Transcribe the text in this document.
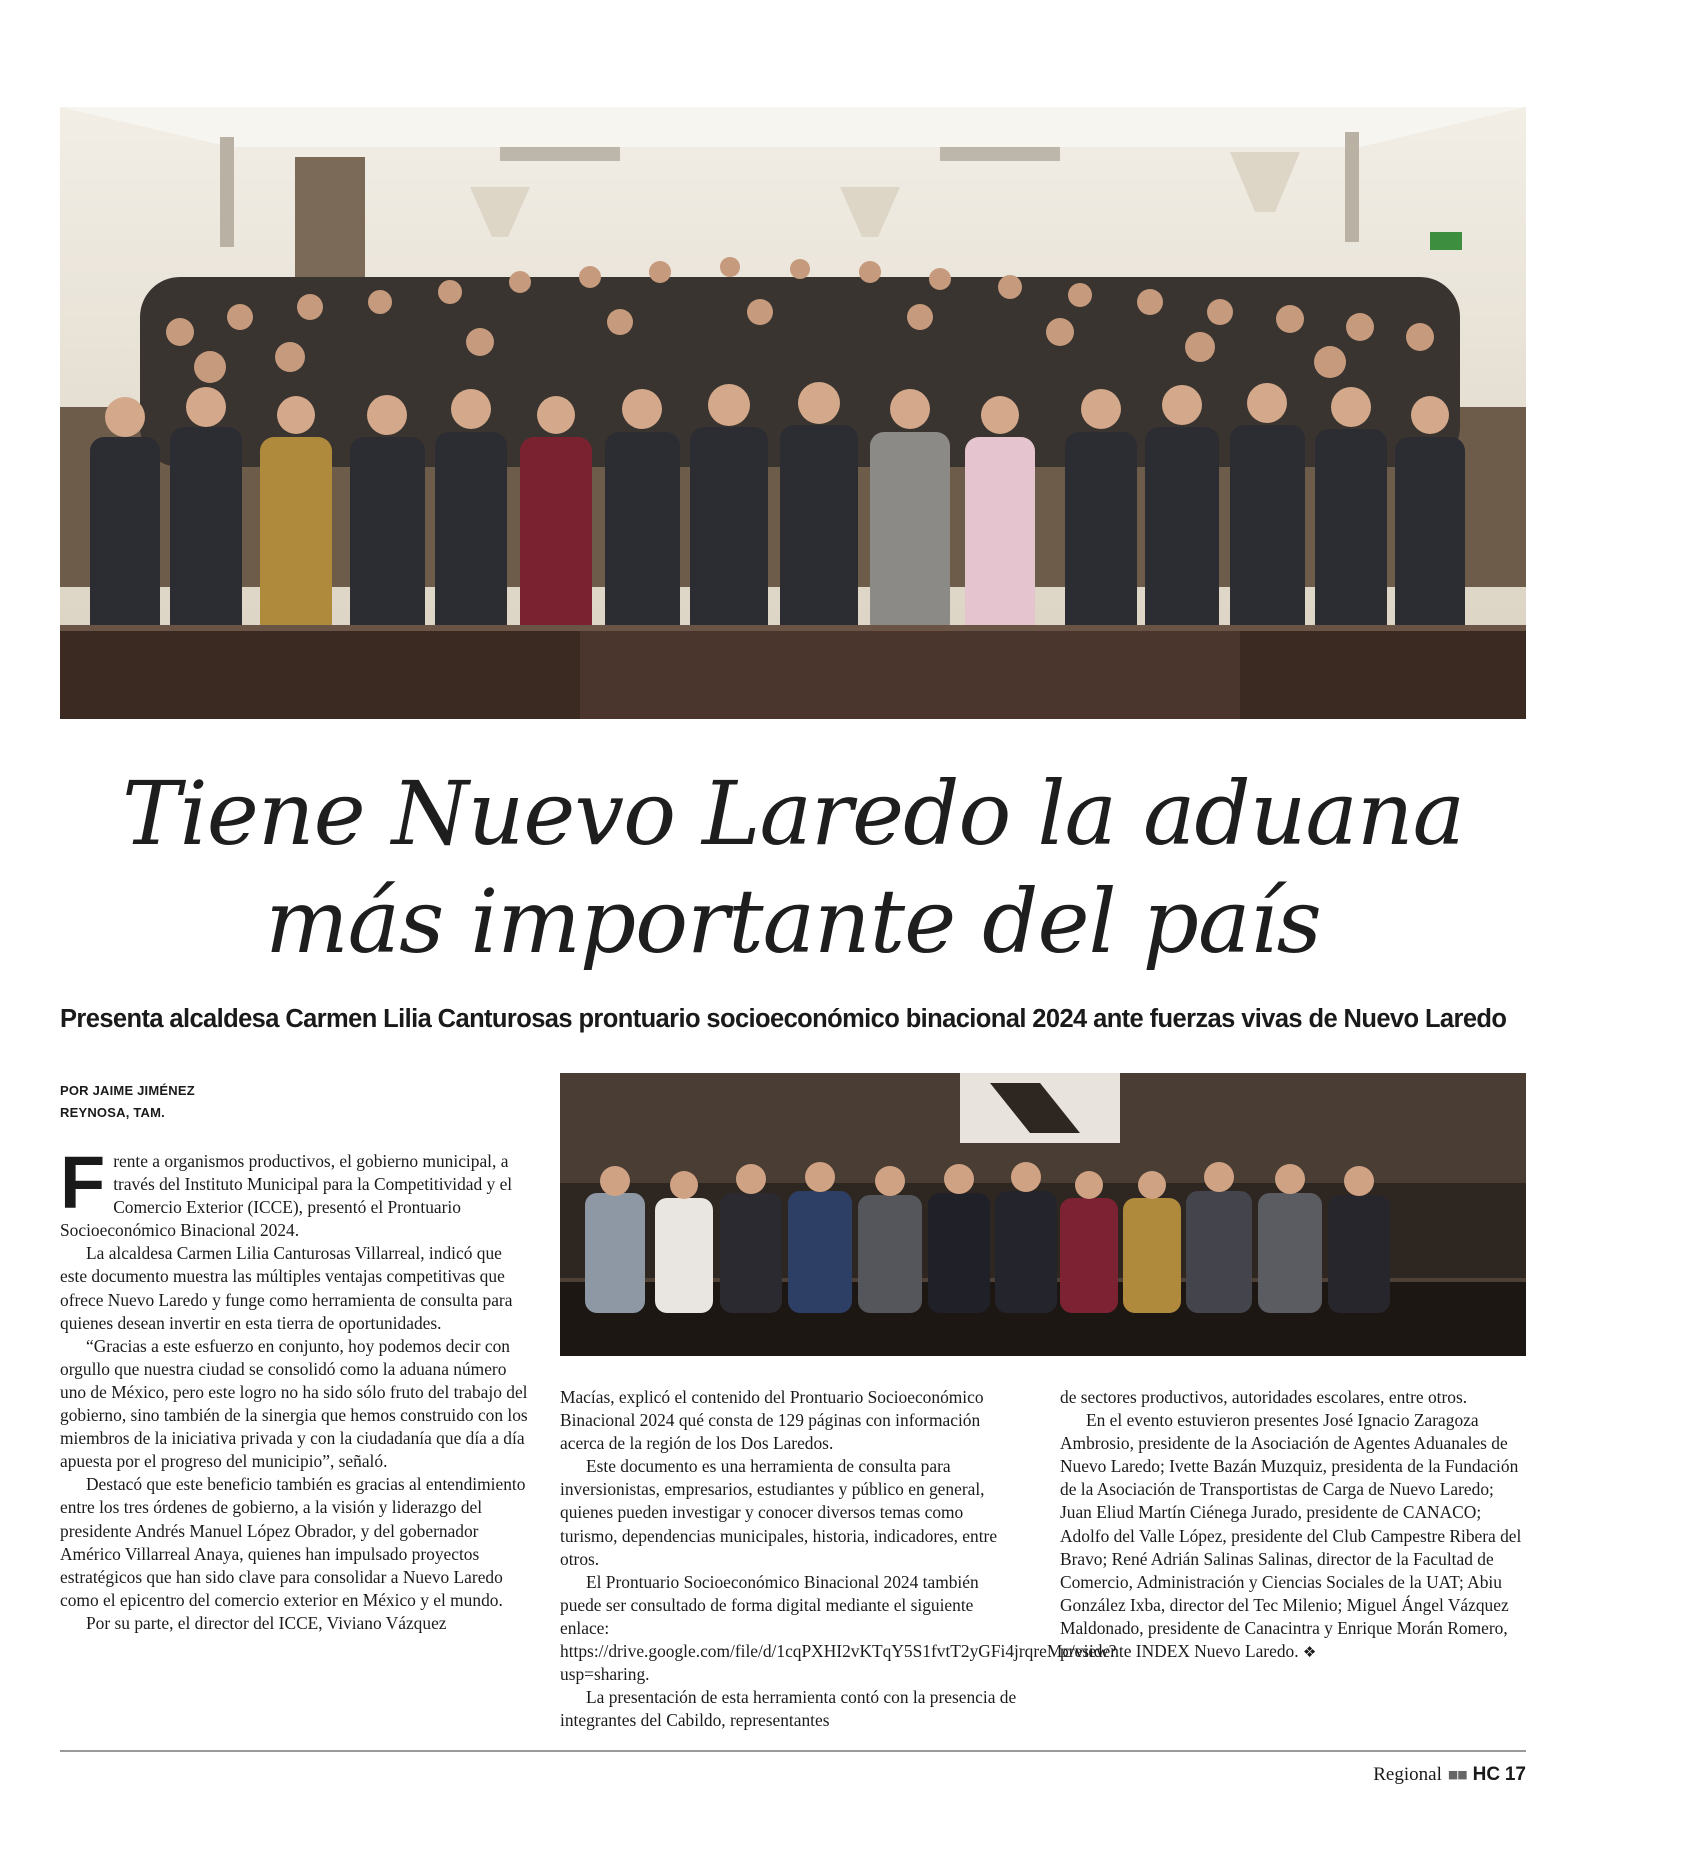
Tiene Nuevo Laredo la aduana
más importante del país

Presenta alcaldesa Carmen Lilia Canturosas prontuario socioeconómico binacional 2024 ante fuerzas vivas de Nuevo Laredo

POR JAIME JIMÉNEZ
REYNOSA, TAM.

Frente a organismos productivos, el gobierno municipal, a través del Instituto Municipal para la Competitividad y el Comercio Exterior (ICCE), presentó el Prontuario Socioeconómico Binacional 2024.

La alcaldesa Carmen Lilia Canturosas Villarreal, indicó que este documento muestra las múltiples ventajas competitivas que ofrece Nuevo Laredo y funge como herramienta de consulta para quienes desean invertir en esta tierra de oportunidades.

“Gracias a este esfuerzo en conjunto, hoy podemos decir con orgullo que nuestra ciudad se consolidó como la aduana número uno de México, pero este logro no ha sido sólo fruto del trabajo del gobierno, sino también de la sinergia que hemos construido con los miembros de la iniciativa privada y con la ciudadanía que día a día apuesta por el progreso del municipio”, señaló.

Destacó que este beneficio también es gracias al entendimiento entre los tres órdenes de gobierno, a la visión y liderazgo del presidente Andrés Manuel López Obrador, y del gobernador Américo Villarreal Anaya, quienes han impulsado proyectos estratégicos que han sido clave para consolidar a Nuevo Laredo como el epicentro del comercio exterior en México y el mundo.

Por su parte, el director del ICCE, Viviano Vázquez

Macías, explicó el contenido del Prontuario Socioeconómico Binacional 2024 qué consta de 129 páginas con información acerca de la región de los Dos Laredos.

Este documento es una herramienta de consulta para inversionistas, empresarios, estudiantes y público en general, quienes pueden investigar y conocer diversos temas como turismo, dependencias municipales, historia, indicadores, entre otros.

El Prontuario Socioeconómico Binacional 2024 también puede ser consultado de forma digital mediante el siguiente enlace: https://drive.google.com/file/d/1cqPXHI2vKTqY5S1fvtT2yGFi4jrqreMc/view?usp=sharing.

La presentación de esta herramienta contó con la presencia de integrantes del Cabildo, representantes

de sectores productivos, autoridades escolares, entre otros.

En el evento estuvieron presentes José Ignacio Zaragoza Ambrosio, presidente de la Asociación de Agentes Aduanales de Nuevo Laredo; Ivette Bazán Muzquiz, presidenta de la Fundación de la Asociación de Transportistas de Carga de Nuevo Laredo; Juan Eliud Martín Ciénega Jurado, presidente de CANACO; Adolfo del Valle López, presidente del Club Campestre Ribera del Bravo; René Adrián Salinas Salinas, director de la Facultad de Comercio, Administración y Ciencias Sociales de la UAT; Abiu González Ixba, director del Tec Milenio; Miguel Ángel Vázquez Maldonado, presidente de Canacintra y Enrique Morán Romero, presidente INDEX Nuevo Laredo. ❖

Regional ■■ HC 17
